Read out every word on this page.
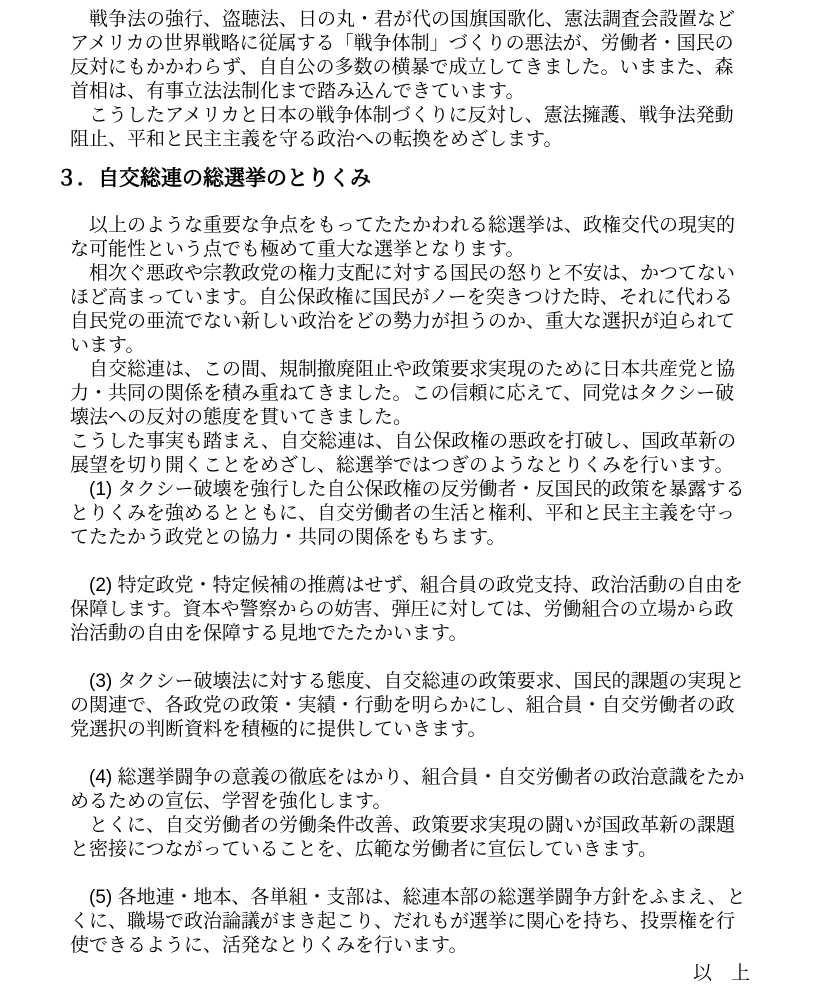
　戦争法の強行、盗聴法、日の丸・君が代の国旗国歌化、憲法調査会設置などアメリカの世界戦略に従属する「戦争体制」づくりの悪法が、労働者・国民の反対にもかかわらず、自自公の多数の横暴で成立してきました。いままた、森首相は、有事立法法制化まで踏み込んできています。

　こうしたアメリカと日本の戦争体制づくりに反対し、憲法擁護、戦争法発動阻止、平和と民主主義を守る政治への転換をめざします。

３．自交総連の総選挙のとりくみ

　以上のような重要な争点をもってたたかわれる総選挙は、政権交代の現実的な可能性という点でも極めて重大な選挙となります。

　相次ぐ悪政や宗教政党の権力支配に対する国民の怒りと不安は、かつてないほど高まっています。自公保政権に国民がノーを突きつけた時、それに代わる自民党の亜流でない新しい政治をどの勢力が担うのか、重大な選択が迫られています。

　自交総連は、この間、規制撤廃阻止や政策要求実現のために日本共産党と協力・共同の関係を積み重ねてきました。この信頼に応えて、同党はタクシー破壊法への反対の態度を貫いてきました。

こうした事実も踏まえ、自交総連は、自公保政権の悪政を打破し、国政革新の展望を切り開くことをめざし、総選挙ではつぎのようなとりくみを行います。

　(1) タクシー破壊を強行した自公保政権の反労働者・反国民的政策を暴露するとりくみを強めるとともに、自交労働者の生活と権利、平和と民主主義を守ってたたかう政党との協力・共同の関係をもちます。

　(2) 特定政党・特定候補の推薦はせず、組合員の政党支持、政治活動の自由を保障します。資本や警察からの妨害、弾圧に対しては、労働組合の立場から政治活動の自由を保障する見地でたたかいます。

　(3) タクシー破壊法に対する態度、自交総連の政策要求、国民的課題の実現との関連で、各政党の政策・実績・行動を明らかにし、組合員・自交労働者の政党選択の判断資料を積極的に提供していきます。

　(4) 総選挙闘争の意義の徹底をはかり、組合員・自交労働者の政治意識をたかめるための宣伝、学習を強化します。

　とくに、自交労働者の労働条件改善、政策要求実現の闘いが国政革新の課題と密接につながっていることを、広範な労働者に宣伝していきます。

　(5) 各地連・地本、各単組・支部は、総連本部の総選挙闘争方針をふまえ、とくに、職場で政治論議がまき起こり、だれもが選挙に関心を持ち、投票権を行使できるように、活発なとりくみを行います。

以　上
